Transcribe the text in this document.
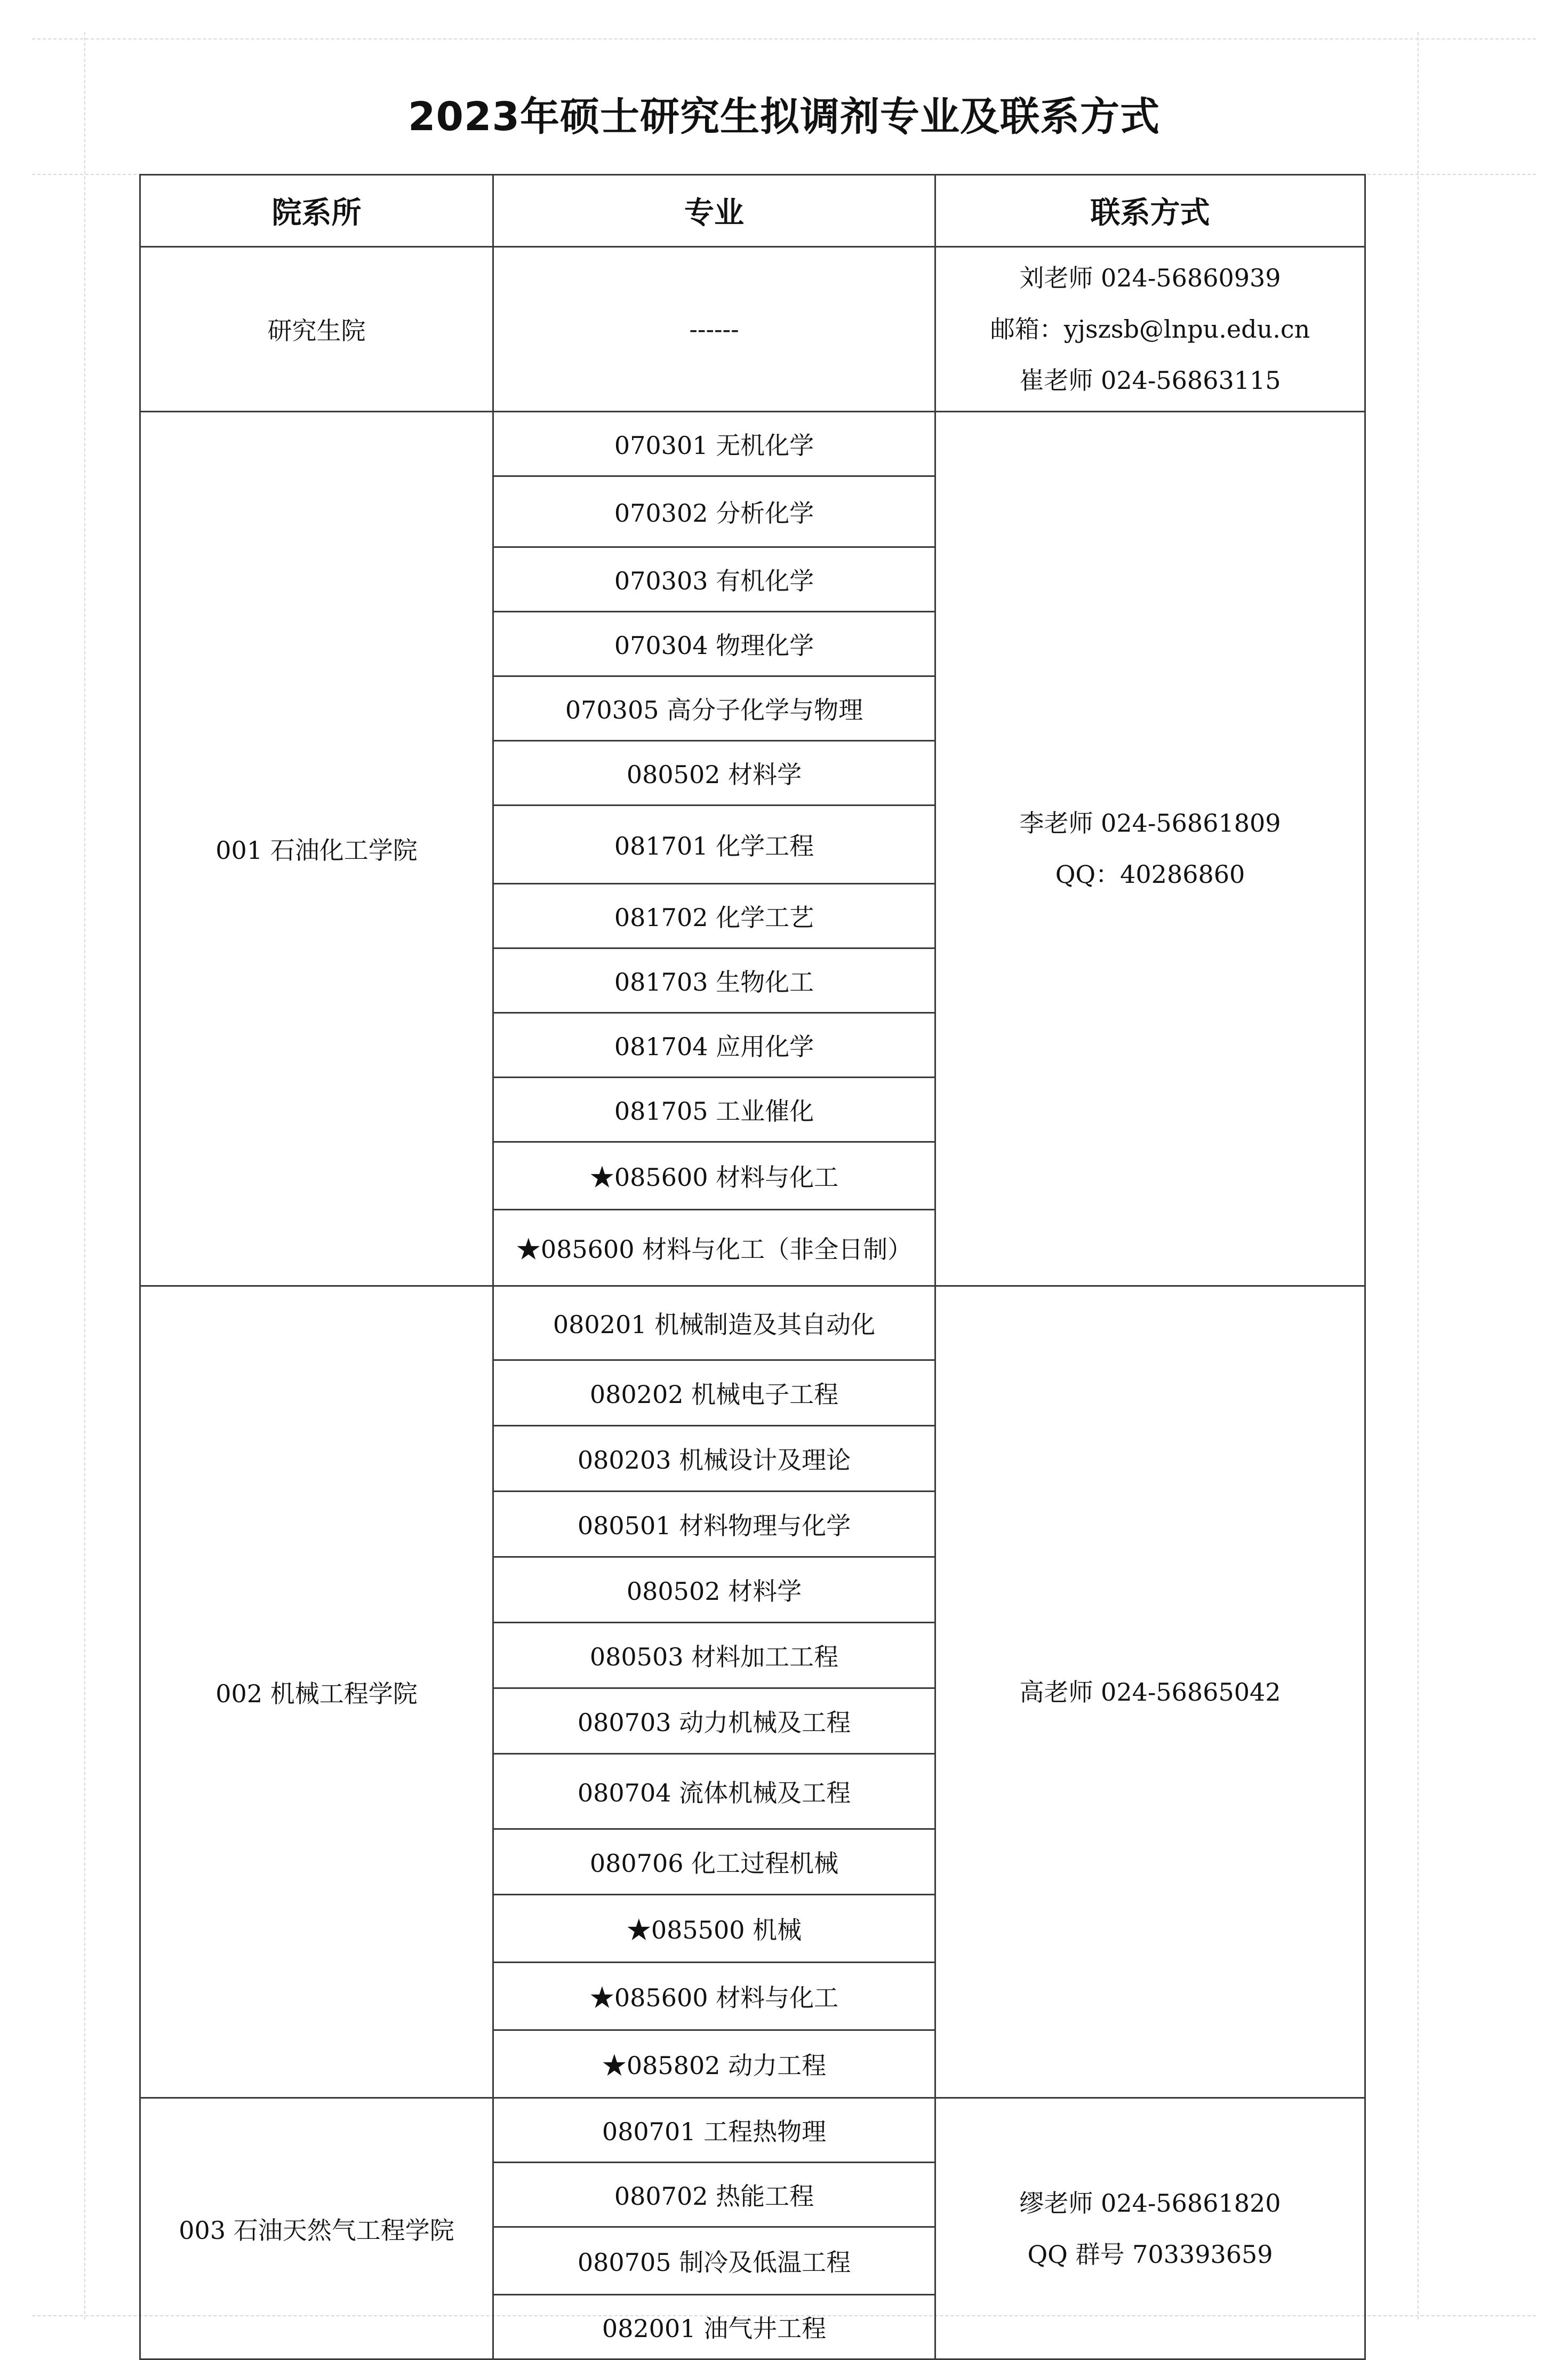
2023年硕士研究生拟调剂专业及联系方式
院系所	专业	联系方式
研究生院	------	刘老师 024-56860939
邮箱：yjszsb@lnpu.edu.cn
崔老师 024-56863115

001 石油化工学院	070301 无机化学	李老师 024-56861809
QQ：40286860

	070302 分析化学	
	070303 有机化学	
	070304 物理化学	
	070305 高分子化学与物理	
	080502 材料学	
	081701 化学工程	
	081702 化学工艺	
	081703 生物化工	
	081704 应用化学	
	081705 工业催化	
	★085600 材料与化工	
	★085600 材料与化工（非全日制）	
002 机械工程学院	080201 机械制造及其自动化	高老师 024-56865042

	080202 机械电子工程	
	080203 机械设计及理论	
	080501 材料物理与化学	
	080502 材料学	
	080503 材料加工工程	
	080703 动力机械及工程	
	080704 流体机械及工程	
	080706 化工过程机械	
	★085500 机械	
	★085600 材料与化工	
	★085802 动力工程	
003 石油天然气工程学院	080701 工程热物理	缪老师 024-56861820
QQ 群号 703393659

	080702 热能工程	
	080705 制冷及低温工程	
	082001 油气井工程	
